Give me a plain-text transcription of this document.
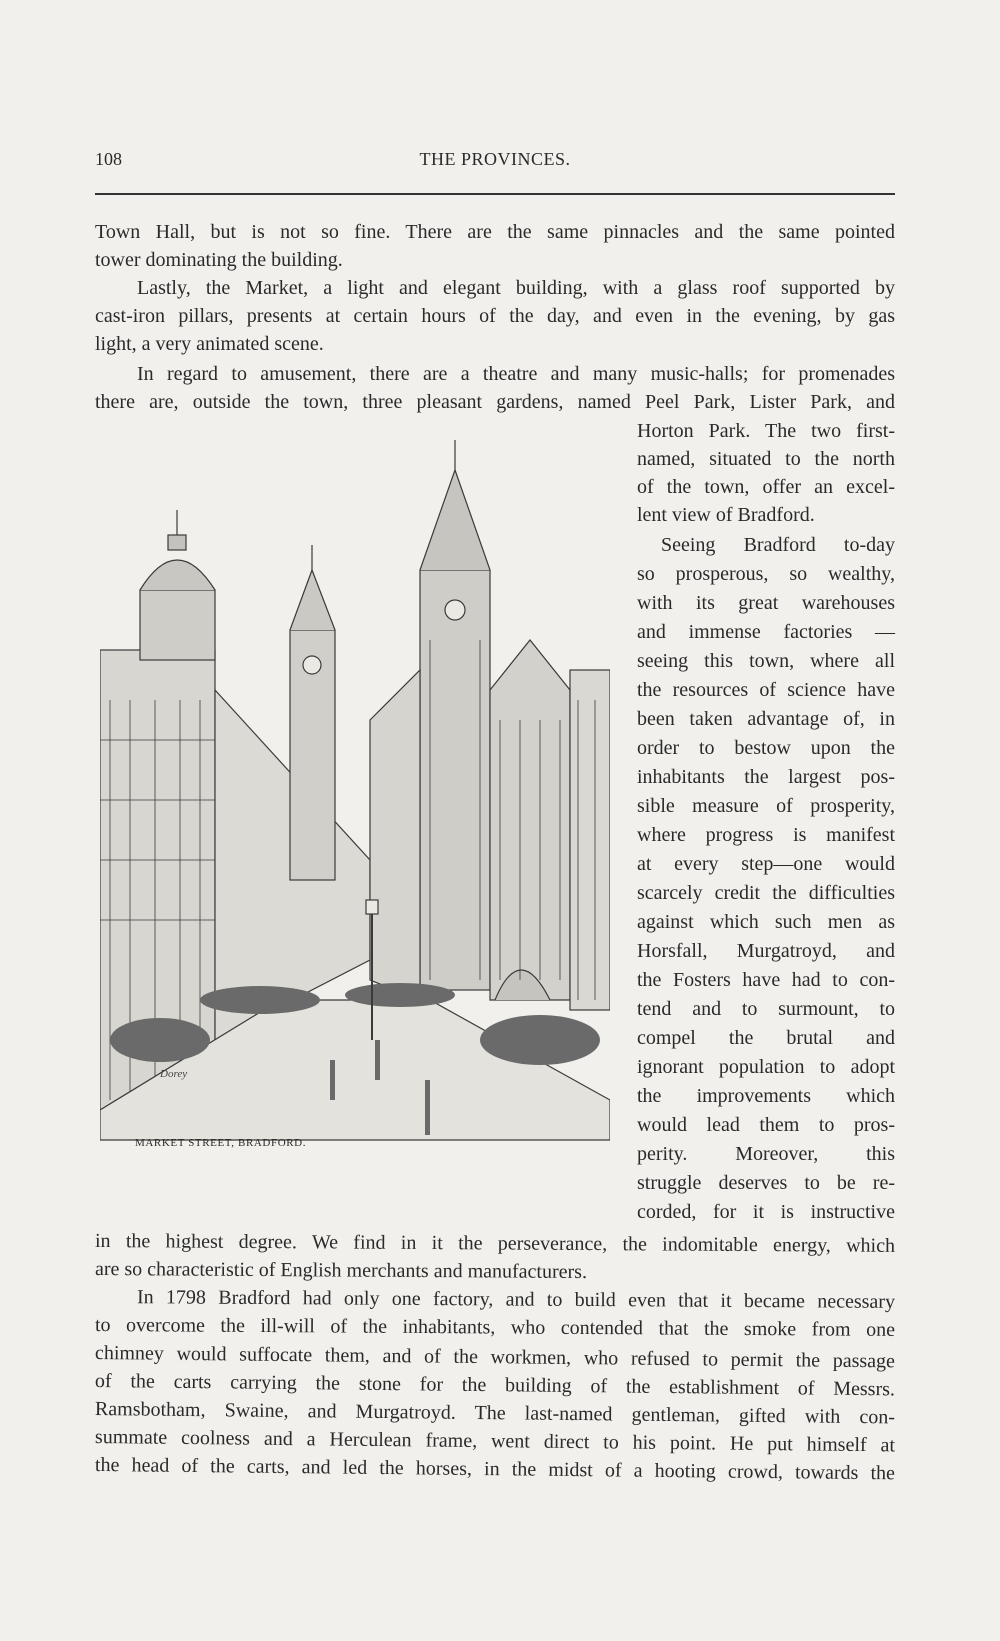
108	THE PROVINCES.
Town Hall, but is not so fine. There are the same pinnacles and the same pointed
tower dominating the building.
Lastly, the Market, a light and elegant building, with a glass roof supported by
cast-iron pillars, presents at certain hours of the day, and even in the evening, by gas
light, a very animated scene.
In regard to amusement, there are a theatre and many music-halls; for promenades
there are, outside the town, three pleasant gardens, named Peel Park, Lister Park, and
Horton Park. The two first-
named, situated to the north
of the town, offer an excel-
lent view of Bradford.
Seeing Bradford to-day
so prosperous, so wealthy,
with its great warehouses
and immense factories —
seeing this town, where all
the resources of science have
been taken advantage of, in
order to bestow upon the
inhabitants the largest pos-
sible measure of prosperity,
where progress is manifest
at every step—one would
scarcely credit the difficulties
against which such men as
Horsfall, Murgatroyd, and
the Fosters have had to con-
tend and to surmount, to
compel the brutal and
ignorant population to adopt
the improvements which
would lead them to pros-
perity. Moreover, this
struggle deserves to be re-
corded, for it is instructive
Dorey
MARKET STREET, BRADFORD.
in the highest degree. We find in it the perseverance, the indomitable energy, which
are so characteristic of English merchants and manufacturers.
In 1798 Bradford had only one factory, and to build even that it became necessary
to overcome the ill-will of the inhabitants, who contended that the smoke from one
chimney would suffocate them, and of the workmen, who refused to permit the passage
of the carts carrying the stone for the building of the establishment of Messrs.
Ramsbotham, Swaine, and Murgatroyd. The last-named gentleman, gifted with con-
summate coolness and a Herculean frame, went direct to his point. He put himself at
the head of the carts, and led the horses, in the midst of a hooting crowd, towards the
